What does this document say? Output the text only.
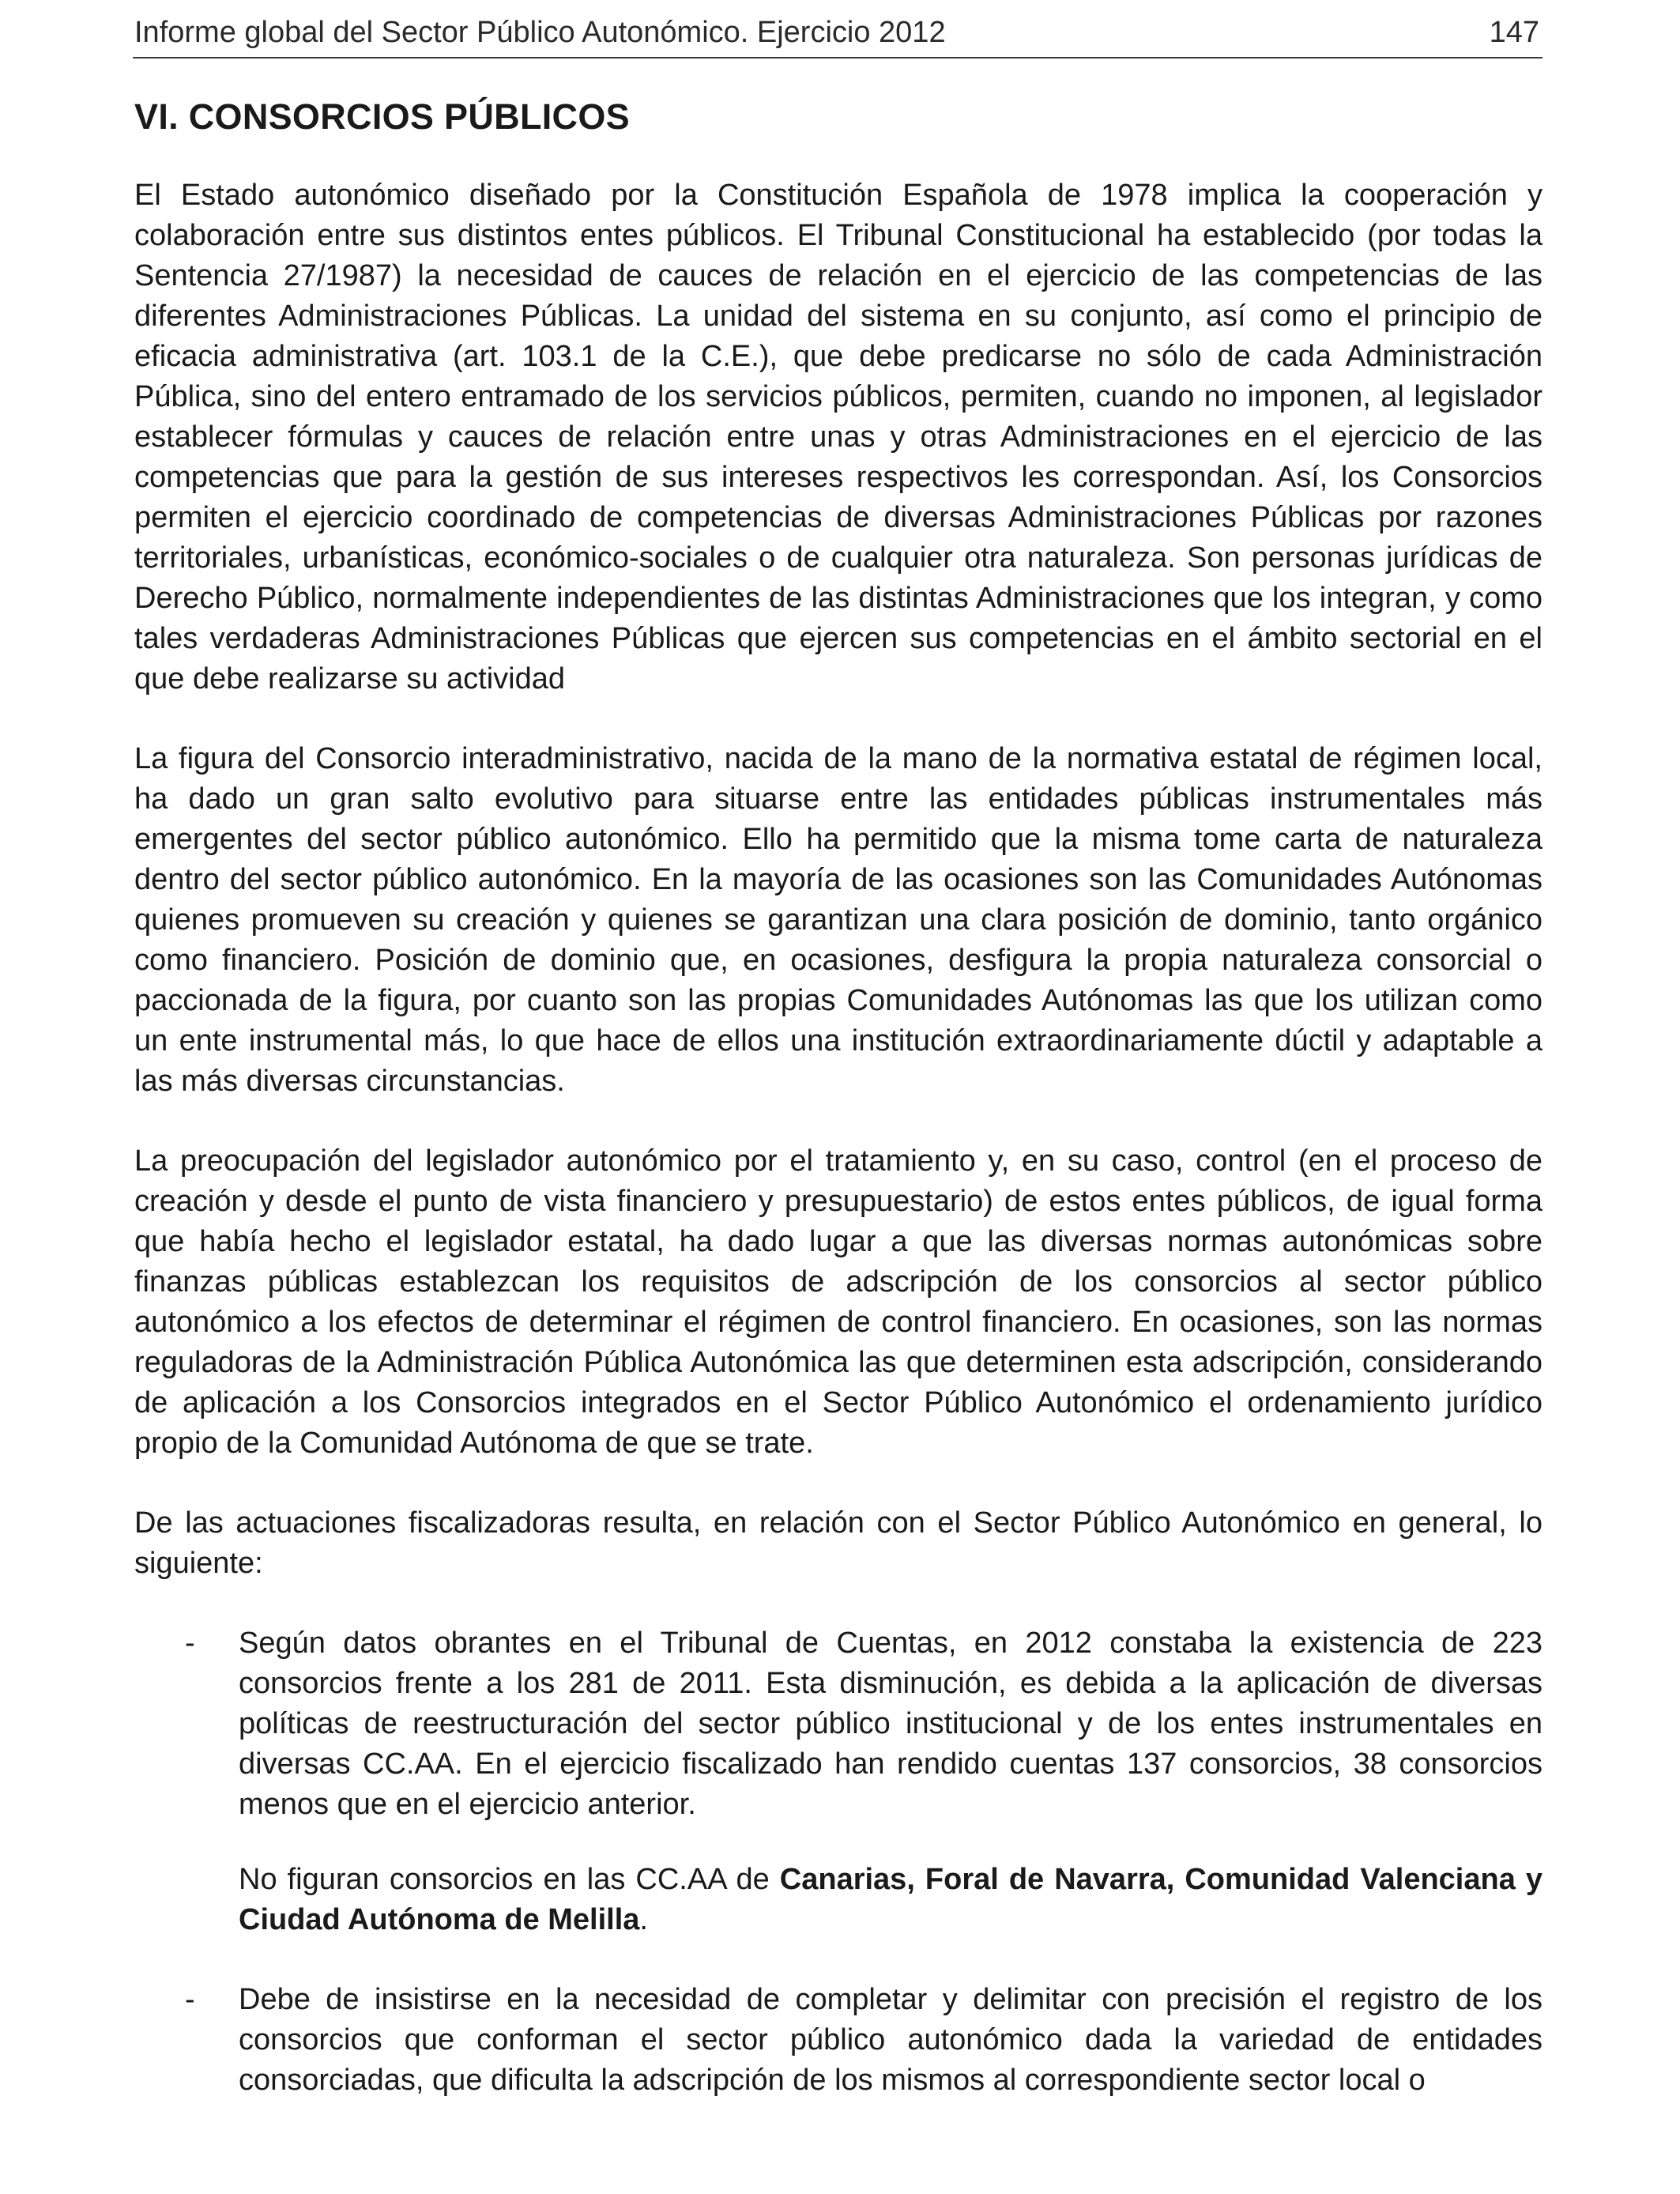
Informe global del Sector Público Autonómico. Ejercicio 2012	147
VI. CONSORCIOS PÚBLICOS

El Estado autonómico diseñado por la Constitución Española de 1978 implica la cooperación y colaboración entre sus distintos entes públicos. El Tribunal Constitucional ha establecido (por todas la Sentencia 27/1987) la necesidad de cauces de relación en el ejercicio de las competencias de las diferentes Administraciones Públicas. La unidad del sistema en su conjunto, así como el principio de eficacia administrativa (art. 103.1 de la C.E.), que debe predicarse no sólo de cada Administración Pública, sino del entero entramado de los servicios públicos, permiten, cuando no imponen, al legislador establecer fórmulas y cauces de relación entre unas y otras Administraciones en el ejercicio de las competencias que para la gestión de sus intereses respectivos les correspondan. Así, los Consorcios permiten el ejercicio coordinado de competencias de diversas Administraciones Públicas por razones territoriales, urbanísticas, económico-sociales o de cualquier otra naturaleza. Son personas jurídicas de Derecho Público, normalmente independientes de las distintas Administraciones que los integran, y como tales verdaderas Administraciones Públicas que ejercen sus competencias en el ámbito sectorial en el que debe realizarse su actividad

La figura del Consorcio interadministrativo, nacida de la mano de la normativa estatal de régimen local, ha dado un gran salto evolutivo para situarse entre las entidades públicas instrumentales más emergentes del sector público autonómico. Ello ha permitido que la misma tome carta de naturaleza dentro del sector público autonómico. En la mayoría de las ocasiones son las Comunidades Autónomas quienes promueven su creación y quienes se garantizan una clara posición de dominio, tanto orgánico como financiero. Posición de dominio que, en ocasiones, desfigura la propia naturaleza consorcial o paccionada de la figura, por cuanto son las propias Comunidades Autónomas las que los utilizan como un ente instrumental más, lo que hace de ellos una institución extraordinariamente dúctil y adaptable a las más diversas circunstancias.

La preocupación del legislador autonómico por el tratamiento y, en su caso, control (en el proceso de creación y desde el punto de vista financiero y presupuestario) de estos entes públicos, de igual forma que había hecho el legislador estatal, ha dado lugar a que las diversas normas autonómicas sobre finanzas públicas establezcan los requisitos de adscripción de los consorcios al sector público autonómico a los efectos de determinar el régimen de control financiero. En ocasiones, son las normas reguladoras de la Administración Pública Autonómica las que determinen esta adscripción, considerando de aplicación a los Consorcios integrados en el Sector Público Autonómico el ordenamiento jurídico propio de la Comunidad Autónoma de que se trate.

De las actuaciones fiscalizadoras resulta, en relación con el Sector Público Autonómico en general, lo siguiente:

- Según datos obrantes en el Tribunal de Cuentas, en 2012 constaba la existencia de 223 consorcios frente a los 281 de 2011. Esta disminución, es debida a la aplicación de diversas políticas de reestructuración del sector público institucional y de los entes instrumentales en diversas CC.AA. En el ejercicio fiscalizado han rendido cuentas 137 consorcios, 38 consorcios menos que en el ejercicio anterior.

No figuran consorcios en las CC.AA de Canarias, Foral de Navarra, Comunidad Valenciana y Ciudad Autónoma de Melilla.

- Debe de insistirse en la necesidad de completar y delimitar con precisión el registro de los consorcios que conforman el sector público autonómico dada la variedad de entidades consorciadas, que dificulta la adscripción de los mismos al correspondiente sector local o
